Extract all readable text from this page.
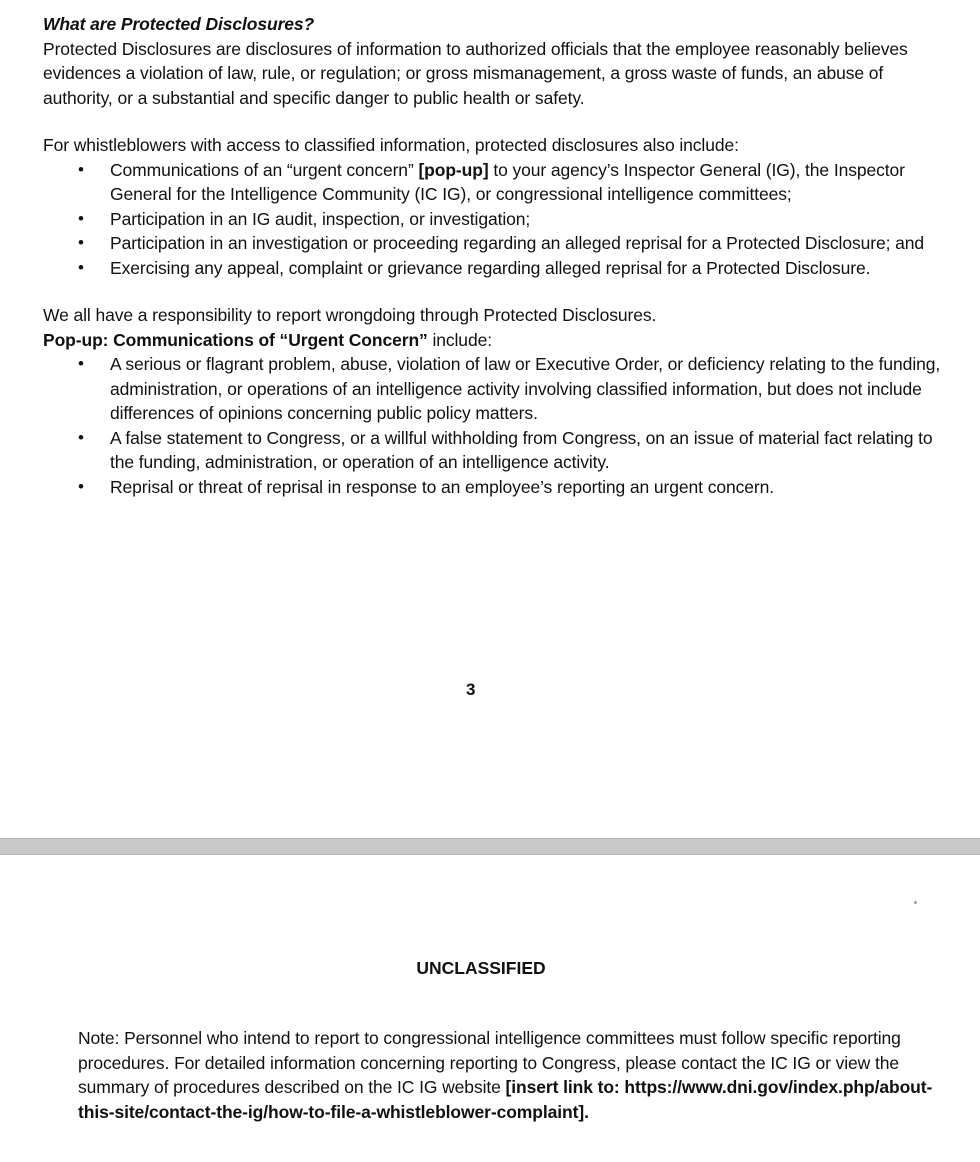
What are Protected Disclosures?

Protected Disclosures are disclosures of information to authorized officials that the employee reasonably believes evidences a violation of law, rule, or regulation; or gross mismanagement, a gross waste of funds, an abuse of authority, or a substantial and specific danger to public health or safety.

For whistleblowers with access to classified information, protected disclosures also include:

• Communications of an “urgent concern” [pop-up] to your agency’s Inspector General (IG), the Inspector General for the Intelligence Community (IC IG), or congressional intelligence committees;
• Participation in an IG audit, inspection, or investigation;
• Participation in an investigation or proceeding regarding an alleged reprisal for a Protected Disclosure; and
• Exercising any appeal, complaint or grievance regarding alleged reprisal for a Protected Disclosure.

We all have a responsibility to report wrongdoing through Protected Disclosures.

Pop-up: Communications of “Urgent Concern” include:

• A serious or flagrant problem, abuse, violation of law or Executive Order, or deficiency relating to the funding, administration, or operations of an intelligence activity involving classified information, but does not include differences of opinions concerning public policy matters.
• A false statement to Congress, or a willful withholding from Congress, on an issue of material fact relating to the funding, administration, or operation of an intelligence activity.
• Reprisal or threat of reprisal in response to an employee’s reporting an urgent concern.
3
UNCLASSIFIED

Note: Personnel who intend to report to congressional intelligence committees must follow specific reporting procedures. For detailed information concerning reporting to Congress, please contact the IC IG or view the summary of procedures described on the IC IG website [insert link to: https://www.dni.gov/index.php/about-this-site/contact-the-ig/how-to-file-a-whistleblower-complaint].
